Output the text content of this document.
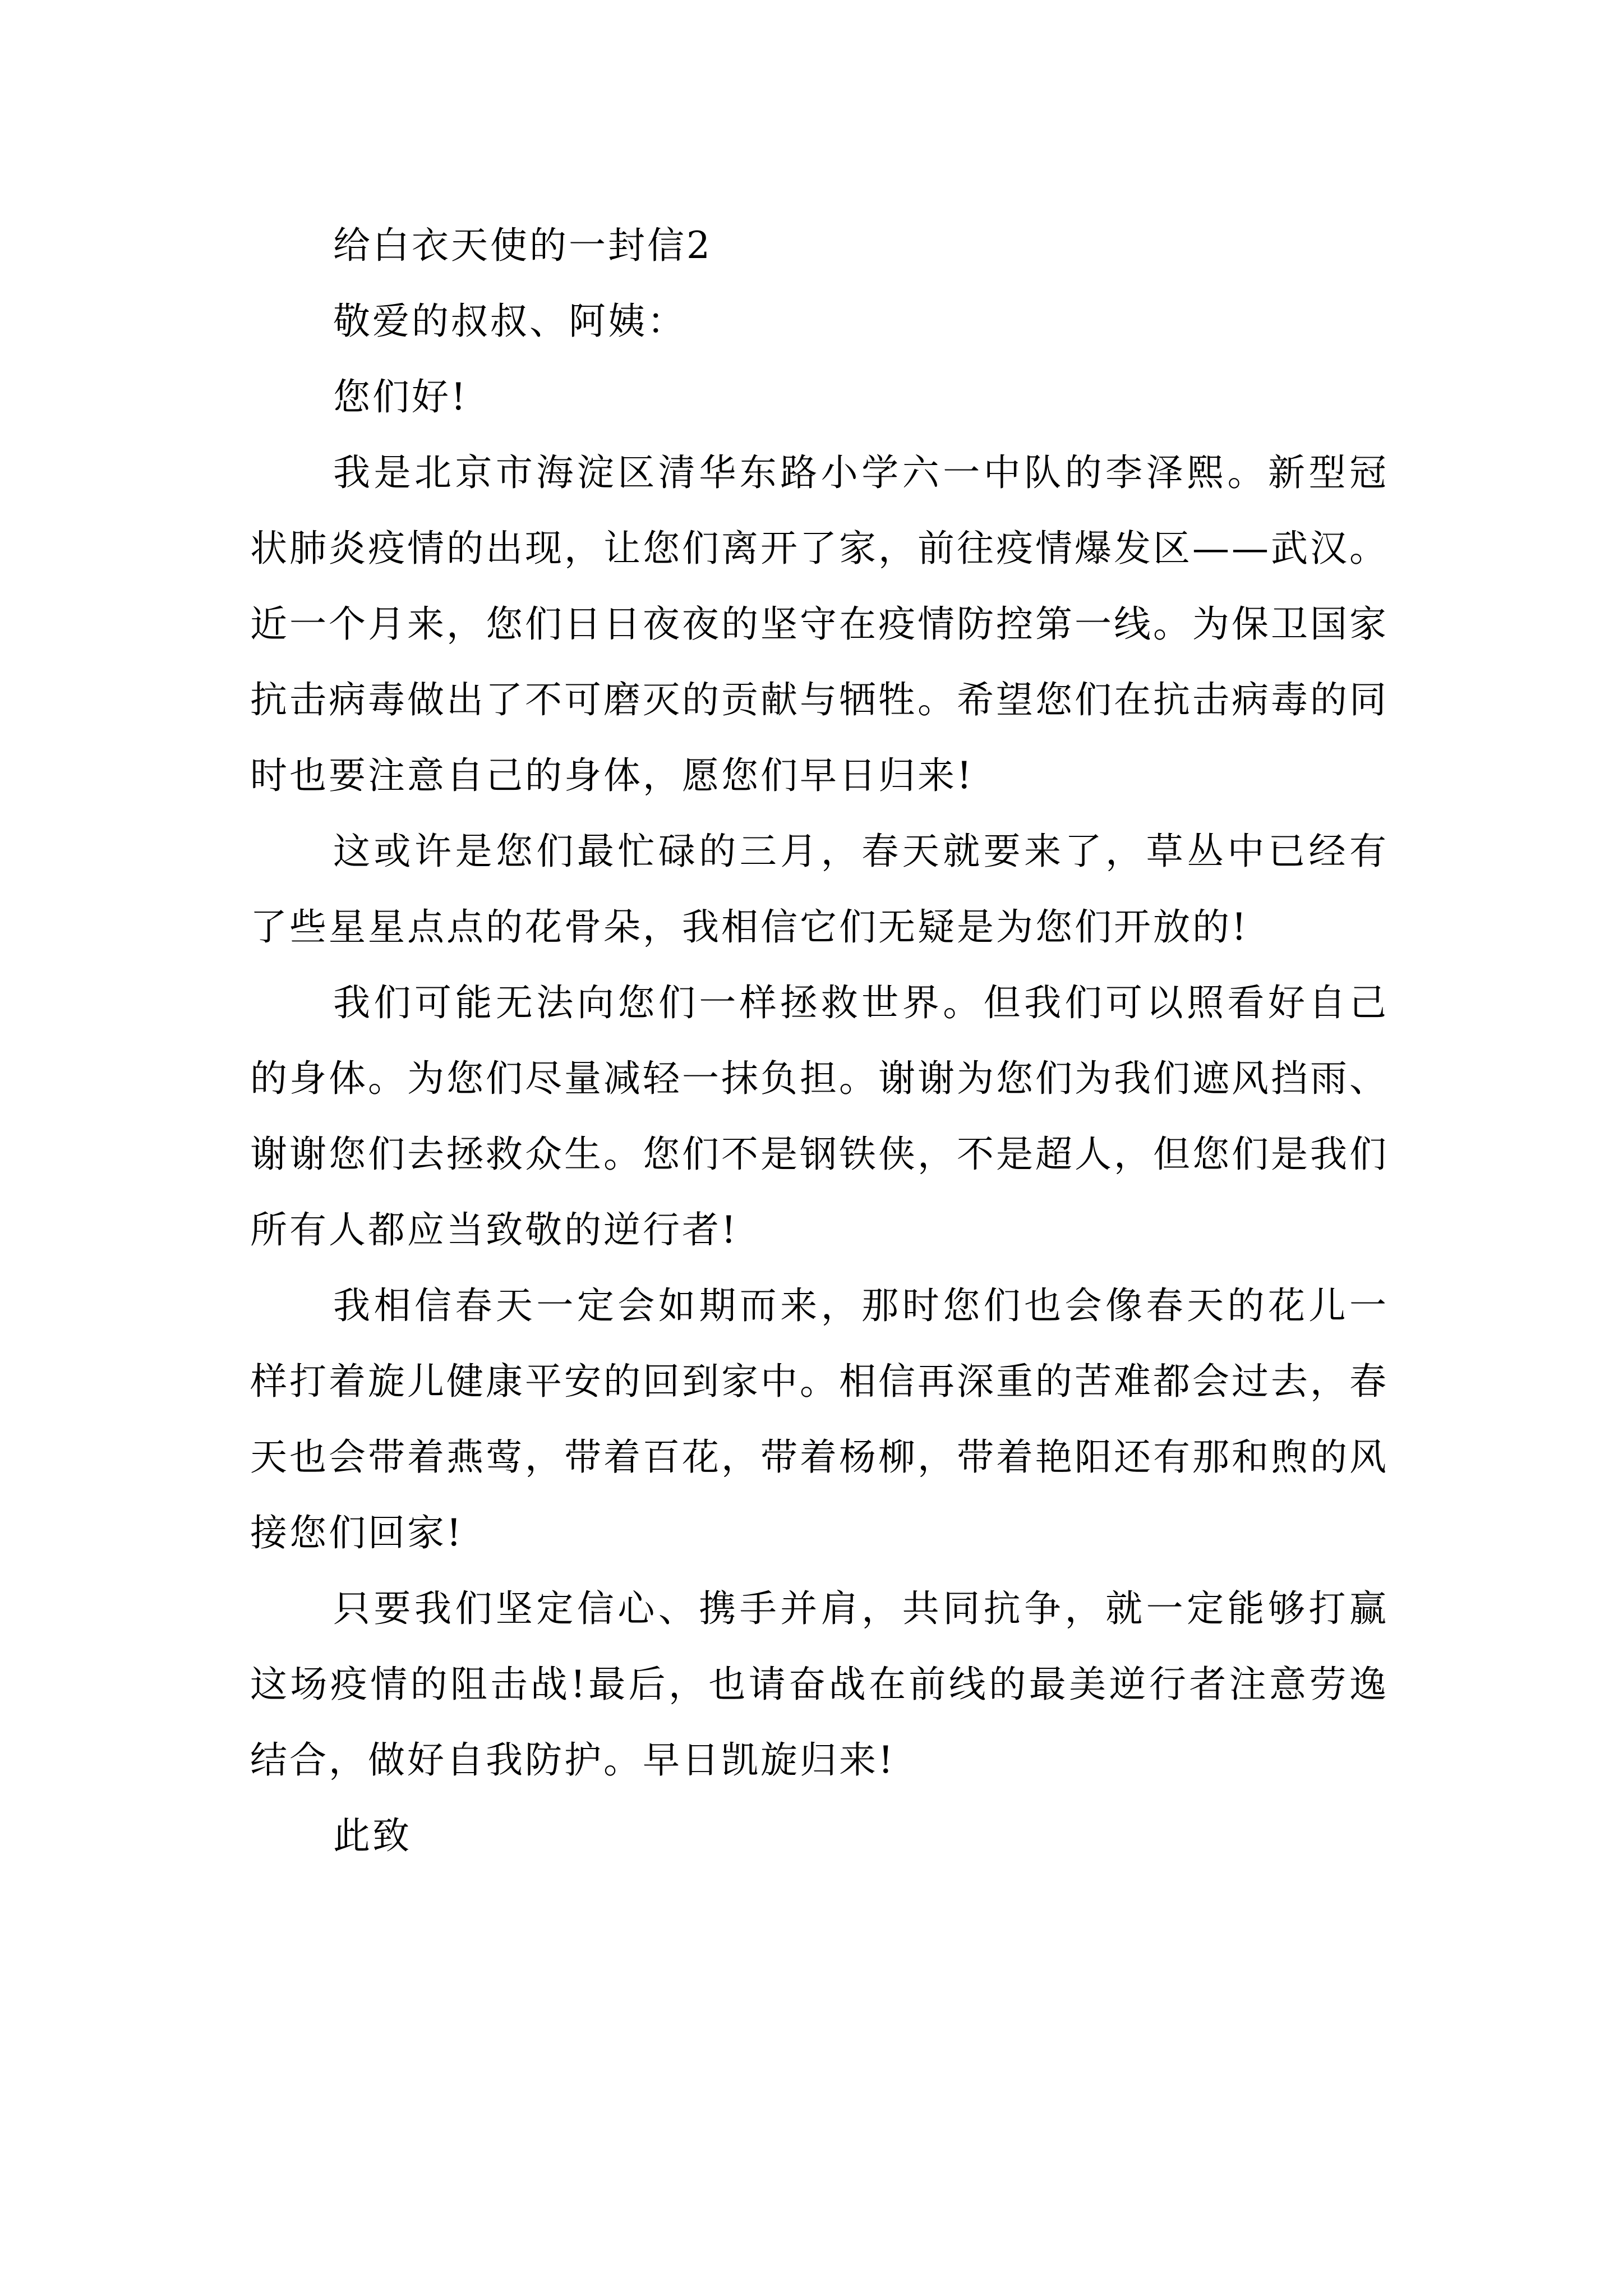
给白衣天使的一封信2

敬爱的叔叔、阿姨：

您们好!

我是北京市海淀区清华东路小学六一中队的李泽熙。新型冠状肺炎疫情的出现，让您们离开了家，前往疫情爆发区——武汉。近一个月来，您们日日夜夜的坚守在疫情防控第一线。为保卫国家抗击病毒做出了不可磨灭的贡献与牺牲。希望您们在抗击病毒的同时也要注意自己的身体，愿您们早日归来!

这或许是您们最忙碌的三月，春天就要来了，草丛中已经有了些星星点点的花骨朵，我相信它们无疑是为您们开放的!

我们可能无法向您们一样拯救世界。但我们可以照看好自己的身体。为您们尽量减轻一抹负担。谢谢为您们为我们遮风挡雨、谢谢您们去拯救众生。您们不是钢铁侠，不是超人，但您们是我们所有人都应当致敬的逆行者!

我相信春天一定会如期而来，那时您们也会像春天的花儿一样打着旋儿健康平安的回到家中。相信再深重的苦难都会过去，春天也会带着燕莺，带着百花，带着杨柳，带着艳阳还有那和煦的风接您们回家!

只要我们坚定信心、携手并肩，共同抗争，就一定能够打赢这场疫情的阻击战!最后，也请奋战在前线的最美逆行者注意劳逸结合，做好自我防护。早日凯旋归来!

此致
